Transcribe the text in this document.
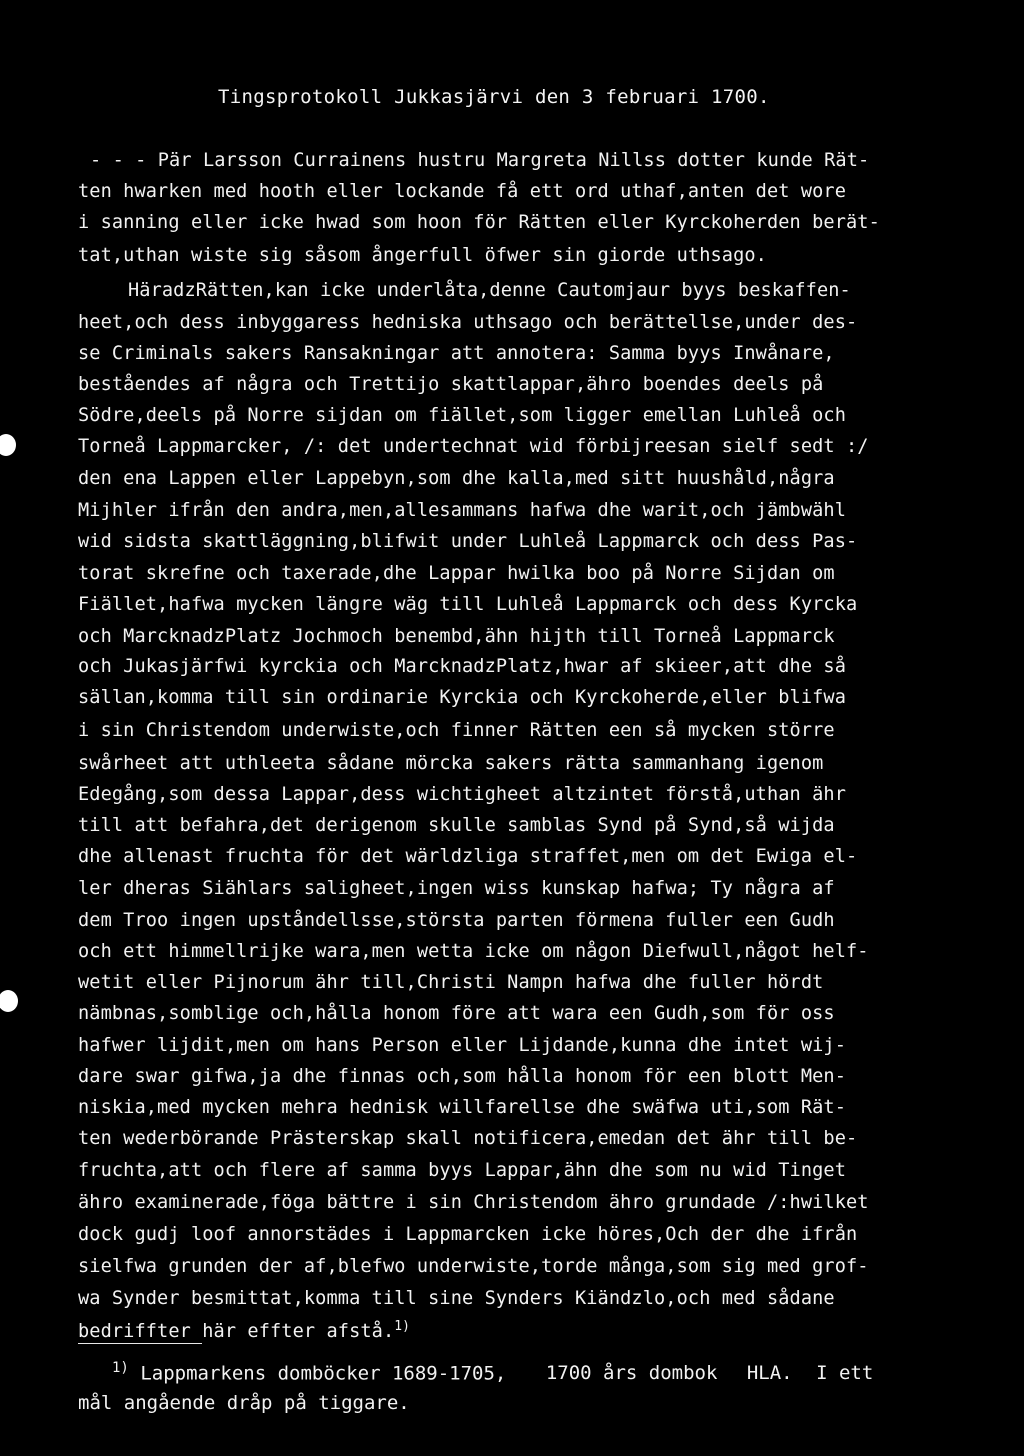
Tingsprotokoll Jukkasjärvi den 3 februari 1700.
- - - Pär Larsson Currainens hustru Margreta Nillss dotter kunde Rät-
ten hwarken med hooth eller lockande få ett ord uthaf,anten det wore
i sanning eller icke hwad som hoon för Rätten eller Kyrckoherden berät-
tat,uthan wiste sig såsom ångerfull öfwer sin giorde uthsago.
HäradzRätten,kan icke underlåta,denne Cautomjaur byys beskaffen-
heet,och dess inbyggaress hedniska uthsago och berättellse,under des-
se Criminals sakers Ransakningar att annotera: Samma byys Inwånare,
beståendes af några och Trettijo skattlappar,ähro boendes deels på
Södre,deels på Norre sijdan om fiället,som ligger emellan Luhleå och
Torneå Lappmarcker, /: det undertechnat wid förbijreesan sielf sedt :/
den ena Lappen eller Lappebyn,som dhe kalla,med sitt huushåld,några
Mijhler ifrån den andra,men,allesammans hafwa dhe warit,och jämbwähl
wid sidsta skattläggning,blifwit under Luhleå Lappmarck och dess Pas-
torat skrefne och taxerade,dhe Lappar hwilka boo på Norre Sijdan om
Fiället,hafwa mycken längre wäg till Luhleå Lappmarck och dess Kyrcka
och MarcknadzPlatz Jochmoch benembd,ähn hijth till Torneå Lappmarck
och Jukasjärfwi kyrckia och MarcknadzPlatz,hwar af skieer,att dhe så
sällan,komma till sin ordinarie Kyrckia och Kyrckoherde,eller blifwa
i sin Christendom underwiste,och finner Rätten een så mycken större
swårheet att uthleeta sådane mörcka sakers rätta sammanhang igenom
Edegång,som dessa Lappar,dess wichtigheet altzintet förstå,uthan ähr
till att befahra,det derigenom skulle samblas Synd på Synd,så wijda
dhe allenast fruchta för det wärldzliga straffet,men om det Ewiga el-
ler dheras Siählars saligheet,ingen wiss kunskap hafwa; Ty några af
dem Troo ingen upståndellsse,största parten förmena fuller een Gudh
och ett himmellrijke wara,men wetta icke om någon Diefwull,något helf-
wetit eller Pijnorum ähr till,Christi Nampn hafwa dhe fuller hördt
nämbnas,somblige och,hålla honom före att wara een Gudh,som för oss
hafwer lijdit,men om hans Person eller Lijdande,kunna dhe intet wij-
dare swar gifwa,ja dhe finnas och,som hålla honom för een blott Men-
niskia,med mycken mehra hednisk willfarellse dhe swäfwa uti,som Rät-
ten wederbörande Prästerskap skall notificera,emedan det ähr till be-
fruchta,att och flere af samma byys Lappar,ähn dhe som nu wid Tinget
ähro examinerade,föga bättre i sin Christendom ähro grundade /:hwilket
dock gudj loof annorstädes i Lappmarcken icke höres,Och der dhe ifrån
sielfwa grunden der af,blefwo underwiste,torde många,som sig med grof-
wa Synder besmittat,komma till sine Synders Kiändzlo,och med sådane
bedriffter här effter afstå.$^{1)}$
$^{1)}$ Lappmarkens domböcker 1689-1705, 1700 års dombok HLA. I ett
mål angående dråp på tiggare.
